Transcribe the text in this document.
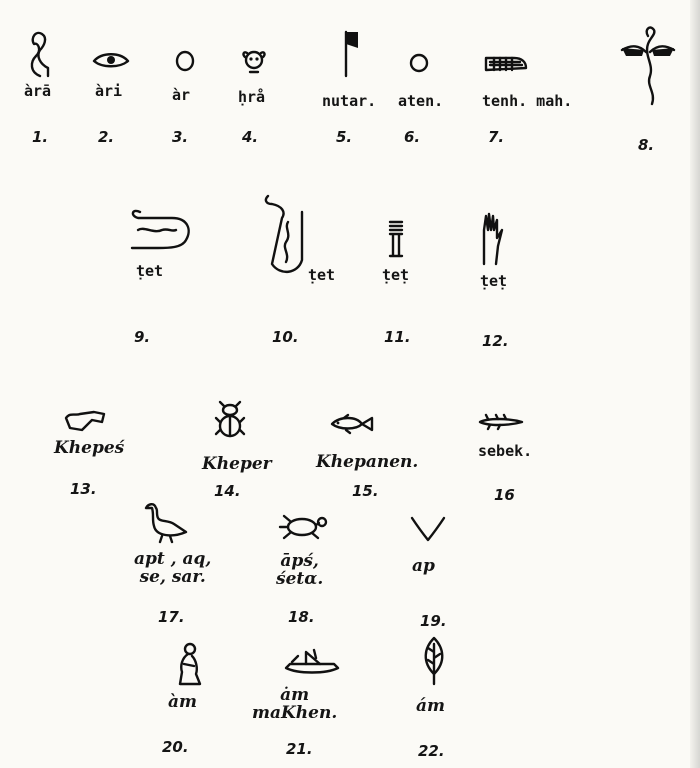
àrā
1.
àri
2.
àr
3.
ḥrå
4.
nutar.
5.
aten.
6.
tenh. mah.
7.	8.
ṭet
9.
ṭet
10.
ṭeṭ
11.
ṭeṭ
12.
Khepeś
13.
Kheper
14.
Khepanen.
15.
sebek.
16
apt , aq,
se, sar.
17.
āpś,
śetα.
18.
ap
19.
àm
20.
ȧm
maKhen.
21.
ám
22.
